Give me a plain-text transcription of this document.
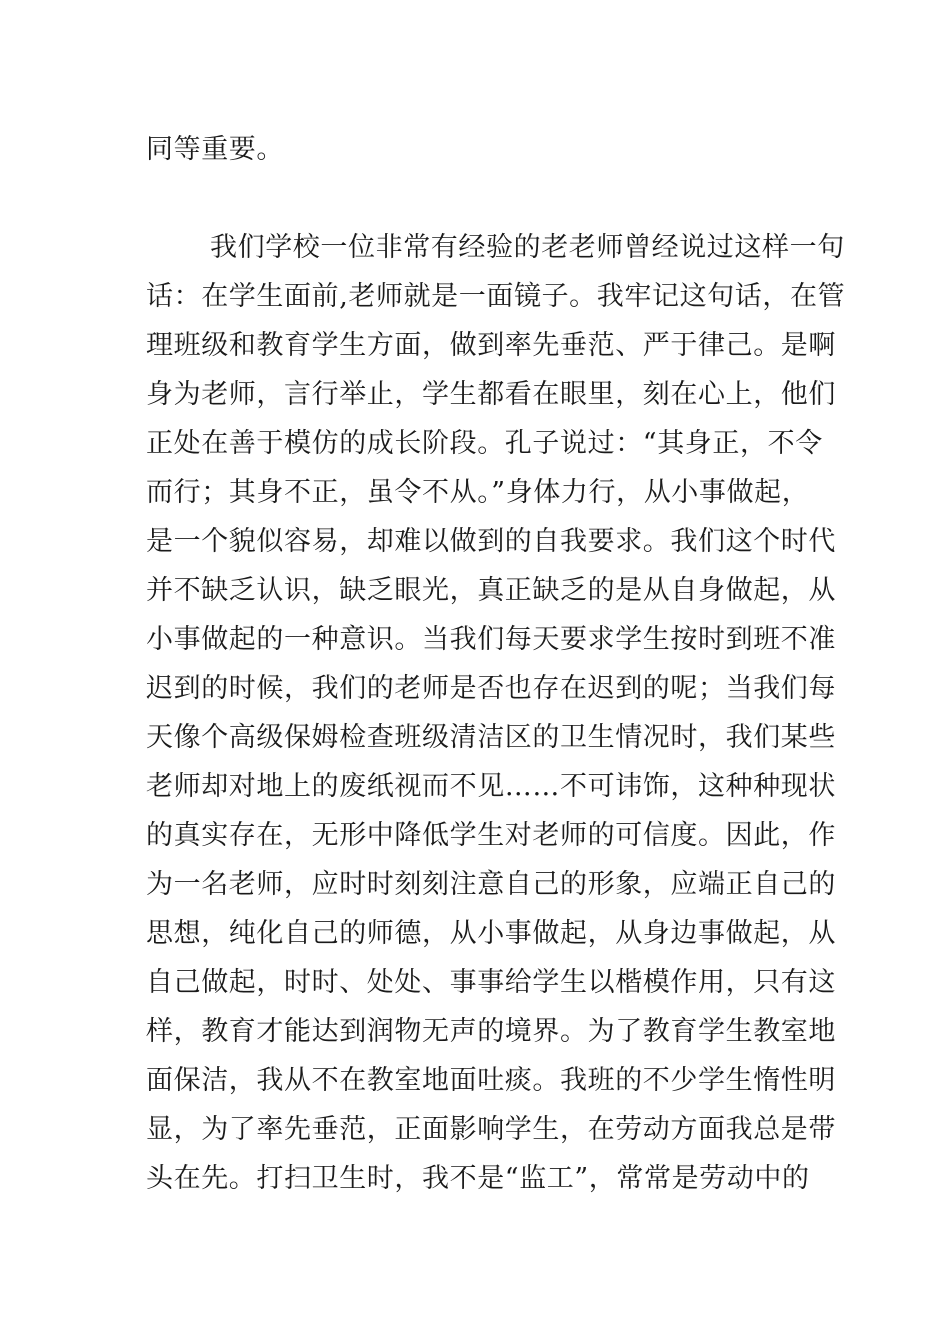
同等重要。
我们学校一位非常有经验的老老师曾经说过这样一句
话：在学生面前,老师就是一面镜子。我牢记这句话，在管
理班级和教育学生方面，做到率先垂范、严于律己。是啊
身为老师，言行举止，学生都看在眼里，刻在心上，他们
正处在善于模仿的成长阶段。孔子说过：“其身正，不令
而行；其身不正，虽令不从。”身体力行，从小事做起，
是一个貌似容易，却难以做到的自我要求。我们这个时代
并不缺乏认识，缺乏眼光，真正缺乏的是从自身做起，从
小事做起的一种意识。当我们每天要求学生按时到班不准
迟到的时候，我们的老师是否也存在迟到的呢；当我们每
天像个高级保姆检查班级清洁区的卫生情况时，我们某些
老师却对地上的废纸视而不见……不可讳饰，这种种现状
的真实存在，无形中降低学生对老师的可信度。因此，作
为一名老师，应时时刻刻注意自己的形象，应端正自己的
思想，纯化自己的师德，从小事做起，从身边事做起，从
自己做起，时时、处处、事事给学生以楷模作用，只有这
样，教育才能达到润物无声的境界。为了教育学生教室地
面保洁，我从不在教室地面吐痰。我班的不少学生惰性明
显，为了率先垂范，正面影响学生，在劳动方面我总是带
头在先。打扫卫生时，我不是“监工”，常常是劳动中的
